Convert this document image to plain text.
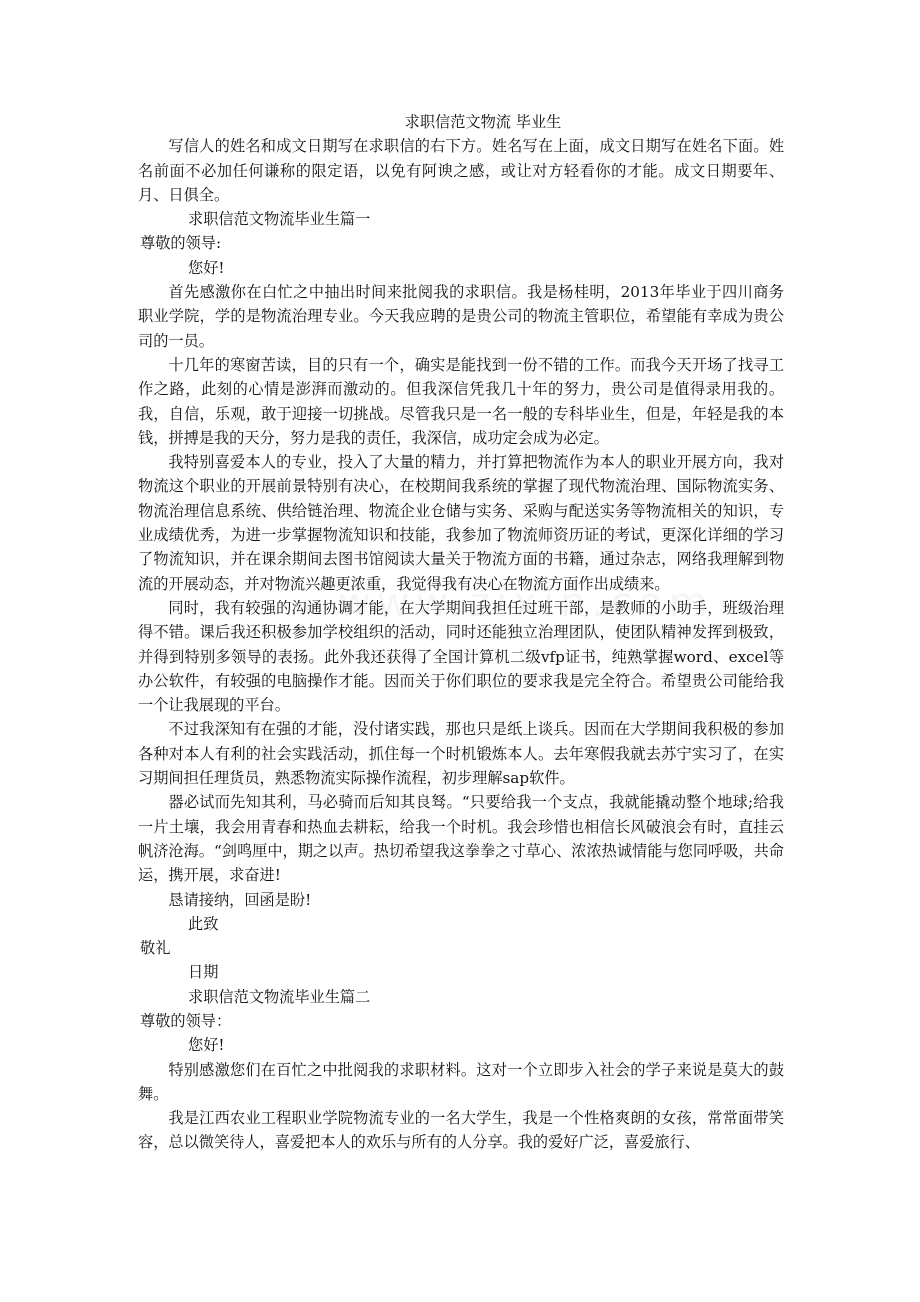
求职信范文物流 毕业生

写信人的姓名和成文日期写在求职信的右下方。姓名写在上面，成文日期写在姓名下面。姓名前面不必加任何谦称的限定语，以免有阿谀之感，或让对方轻看你的才能。成文日期要年、月、日俱全。

求职信范文物流毕业生篇一

尊敬的领导:

您好!

首先感激你在白忙之中抽出时间来批阅我的求职信。我是杨桂明，2013年毕业于四川商务职业学院，学的是物流治理专业。今天我应聘的是贵公司的物流主管职位，希望能有幸成为贵公司的一员。

十几年的寒窗苦读，目的只有一个，确实是能找到一份不错的工作。而我今天开场了找寻工作之路，此刻的心情是澎湃而激动的。但我深信凭我几十年的努力，贵公司是值得录用我的。 我，自信，乐观，敢于迎接一切挑战。尽管我只是一名一般的专科毕业生，但是，年轻是我的本钱，拼搏是我的天分，努力是我的责任，我深信，成功定会成为必定。

我特别喜爱本人的专业，投入了大量的精力，并打算把物流作为本人的职业开展方向，我对物流这个职业的开展前景特别有决心，在校期间我系统的掌握了现代物流治理、国际物流实务、物流治理信息系统、供给链治理、物流企业仓储与实务、采购与配送实务等物流相关的知识，专业成绩优秀，为进一步掌握物流知识和技能，我参加了物流师资历证的考试，更深化详细的学习了物流知识，并在课余期间去图书馆阅读大量关于物流方面的书籍，通过杂志，网络我理解到物流的开展动态，并对物流兴趣更浓重，我觉得我有决心在物流方面作出成绩来。

同时，我有较强的沟通协调才能，在大学期间我担任过班干部，是教师的小助手，班级治理得不错。课后我还积极参加学校组织的活动，同时还能独立治理团队，使团队精神发挥到极致，并得到特别多领导的表扬。此外我还获得了全国计算机二级vfp证书，纯熟掌握word、excel等办公软件，有较强的电脑操作才能。因而关于你们职位的要求我是完全符合。希望贵公司能给我一个让我展现的平台。

不过我深知有在强的才能，没付诸实践，那也只是纸上谈兵。因而在大学期间我积极的参加各种对本人有利的社会实践活动，抓住每一个时机锻炼本人。去年寒假我就去苏宁实习了，在实习期间担任理货员，熟悉物流实际操作流程，初步理解sap软件。

器必试而先知其利，马必骑而后知其良驽。“只要给我一个支点，我就能撬动整个地球;给我一片土壤，我会用青春和热血去耕耘，给我一个时机。我会珍惜也相信长风破浪会有时，直挂云帆济沧海。“剑鸣厘中，期之以声。热切希望我这拳拳之寸草心、浓浓热诚情能与您同呼吸，共命运，携开展，求奋进!

恳请接纳，回函是盼!

此致

敬礼

日期

求职信范文物流毕业生篇二

尊敬的领导：

您好!

特别感激您们在百忙之中批阅我的求职材料。这对一个立即步入社会的学子来说是莫大的鼓舞。

我是江西农业工程职业学院物流专业的一名大学生，我是一个性格爽朗的女孩，常常面带笑容，总以微笑待人，喜爱把本人的欢乐与所有的人分享。我的爱好广泛，喜爱旅行、
